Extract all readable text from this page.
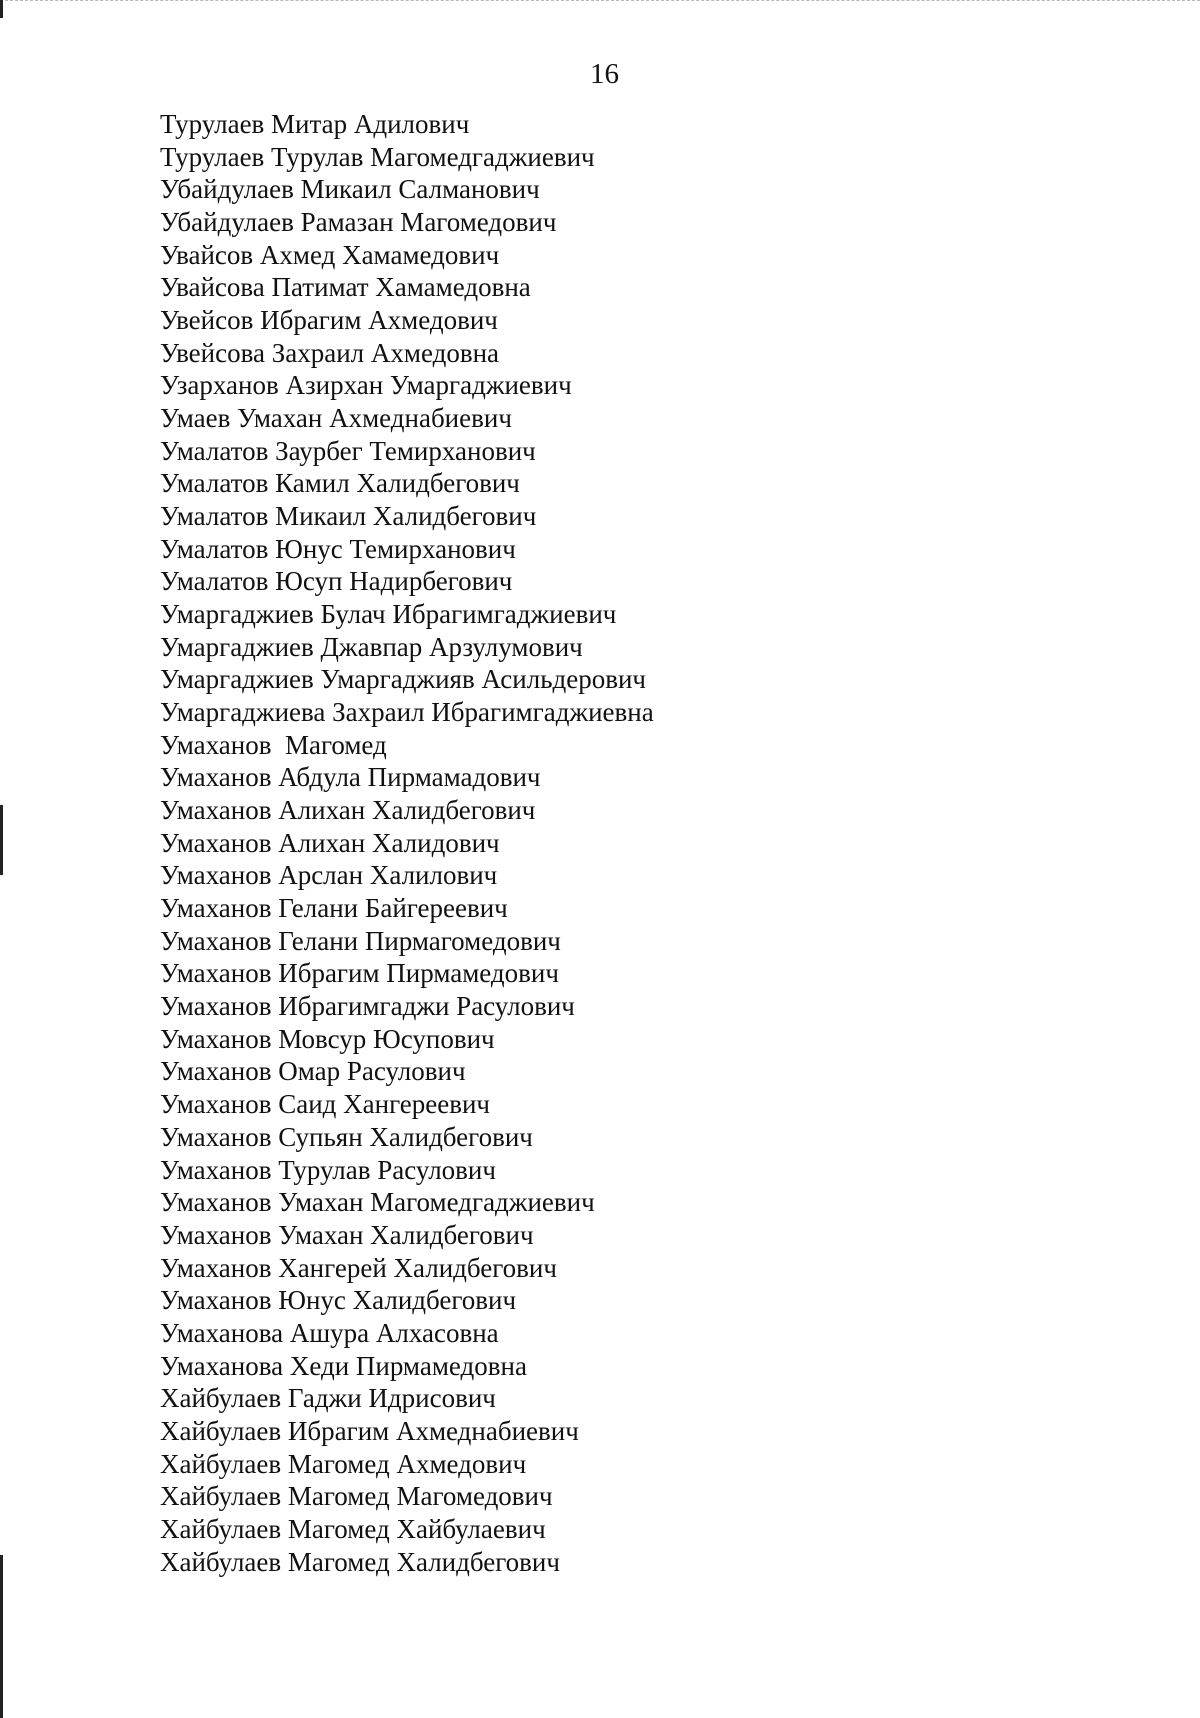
16
Турулаев Митар Адилович
Турулаев Турулав Магомедгаджиевич
Убайдулаев Микаил Салманович
Убайдулаев Рамазан Магомедович
Увайсов Ахмед Хамамедович
Увайсова Патимат Хамамедовна
Увейсов Ибрагим Ахмедович
Увейсова Захраил Ахмедовна
Узарханов Азирхан Умаргаджиевич
Умаев Умахан Ахмеднабиевич
Умалатов Заурбег Темирханович
Умалатов Камил Халидбегович
Умалатов Микаил Халидбегович
Умалатов Юнус Темирханович
Умалатов Юсуп Надирбегович
Умаргаджиев Булач Ибрагимгаджиевич
Умаргаджиев Джавпар Арзулумович
Умаргаджиев Умаргаджияв Асильдерович
Умаргаджиева Захраил Ибрагимгаджиевна
Умаханов  Магомед
Умаханов Абдула Пирмамадович
Умаханов Алихан Халидбегович
Умаханов Алихан Халидович
Умаханов Арслан Халилович
Умаханов Гелани Байгереевич
Умаханов Гелани Пирмагомедович
Умаханов Ибрагим Пирмамедович
Умаханов Ибрагимгаджи Расулович
Умаханов Мовсур Юсупович
Умаханов Омар Расулович
Умаханов Саид Хангереевич
Умаханов Супьян Халидбегович
Умаханов Турулав Расулович
Умаханов Умахан Магомедгаджиевич
Умаханов Умахан Халидбегович
Умаханов Хангерей Халидбегович
Умаханов Юнус Халидбегович
Умаханова Ашура Алхасовна
Умаханова Хеди Пирмамедовна
Хайбулаев Гаджи Идрисович
Хайбулаев Ибрагим Ахмеднабиевич
Хайбулаев Магомед Ахмедович
Хайбулаев Магомед Магомедович
Хайбулаев Магомед Хайбулаевич
Хайбулаев Магомед Халидбегович
